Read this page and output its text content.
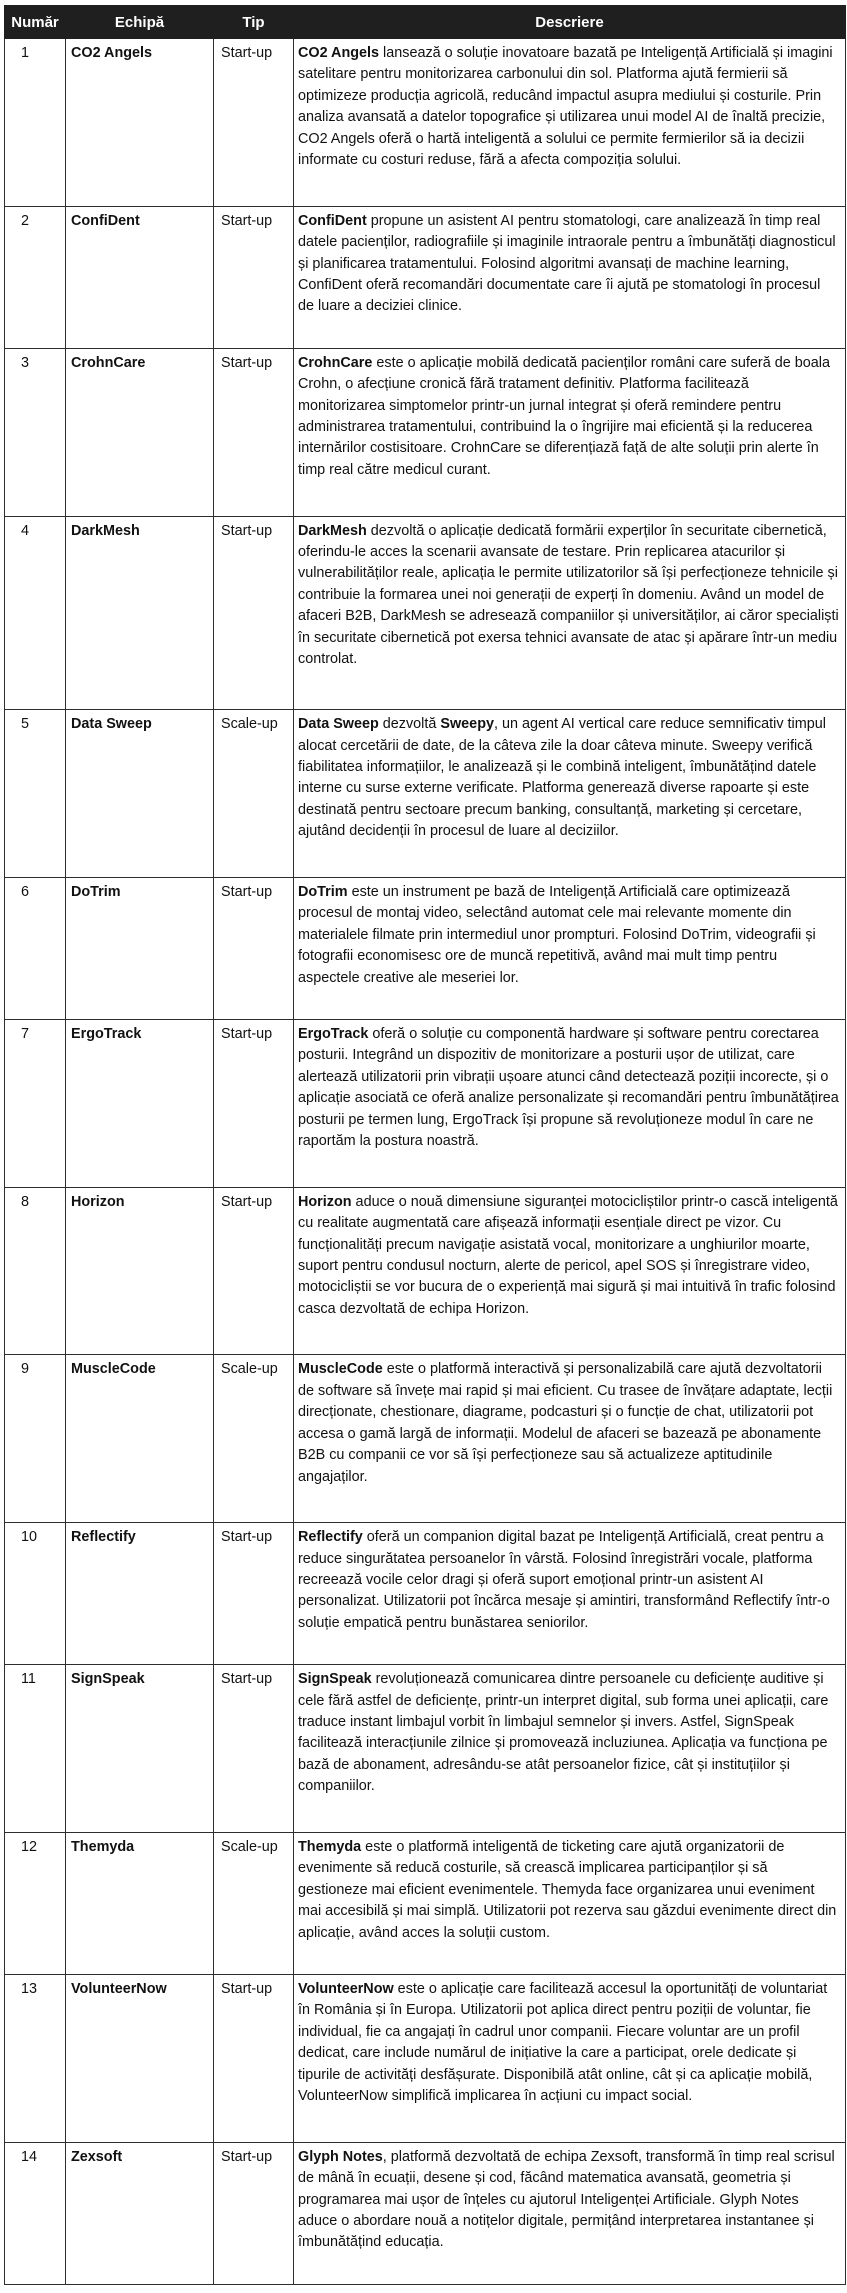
Număr	Echipă	Tip	Descriere
1	CO2 Angels	Start-up	CO2 Angels lansează o soluție inovatoare bazată pe Inteligență Artificială și imagini satelitare pentru monitorizarea carbonului din sol. Platforma ajută fermierii să optimizeze producția agricolă, reducând impactul asupra mediului și costurile. Prin analiza avansată a datelor topografice și utilizarea unui model AI de înaltă precizie, CO2 Angels oferă o hartă inteligentă a solului ce permite fermierilor să ia decizii informate cu costuri reduse, fără a afecta compoziția solului.
2	ConfiDent	Start-up	ConfiDent propune un asistent AI pentru stomatologi, care analizează în timp real datele pacienților, radiografiile și imaginile intraorale pentru a îmbunătăți diagnosticul și planificarea tratamentului. Folosind algoritmi avansați de machine learning, ConfiDent oferă recomandări documentate care îi ajută pe stomatologi în procesul de luare a deciziei clinice.
3	CrohnCare	Start-up	CrohnCare este o aplicație mobilă dedicată pacienților români care suferă de boala Crohn, o afecțiune cronică fără tratament definitiv. Platforma facilitează monitorizarea simptomelor printr-un jurnal integrat și oferă remindere pentru administrarea tratamentului, contribuind la o îngrijire mai eficientă și la reducerea internărilor costisitoare. CrohnCare se diferențiază față de alte soluții prin alerte în timp real către medicul curant.
4	DarkMesh	Start-up	DarkMesh dezvoltă o aplicație dedicată formării experților în securitate cibernetică, oferindu-le acces la scenarii avansate de testare. Prin replicarea atacurilor și vulnerabilităților reale, aplicația le permite utilizatorilor să își perfecționeze tehnicile și contribuie la formarea unei noi generații de experți în domeniu. Având un model de afaceri B2B, DarkMesh se adresează companiilor și universităților, ai căror specialiști în securitate cibernetică pot exersa tehnici avansate de atac și apărare într-un mediu controlat.
5	Data Sweep	Scale-up	Data Sweep dezvoltă Sweepy, un agent AI vertical care reduce semnificativ timpul alocat cercetării de date, de la câteva zile la doar câteva minute. Sweepy verifică fiabilitatea informațiilor, le analizează și le combină inteligent, îmbunătățind datele interne cu surse externe verificate. Platforma generează diverse rapoarte și este destinată pentru sectoare precum banking, consultanță, marketing și cercetare, ajutând decidenții în procesul de luare al deciziilor.
6	DoTrim	Start-up	DoTrim este un instrument pe bază de Inteligență Artificială care optimizează procesul de montaj video, selectând automat cele mai relevante momente din materialele filmate prin intermediul unor prompturi. Folosind DoTrim, videografii și fotografii economisesc ore de muncă repetitivă, având mai mult timp pentru aspectele creative ale meseriei lor.
7	ErgoTrack	Start-up	ErgoTrack oferă o soluție cu componentă hardware și software pentru corectarea posturii. Integrând un dispozitiv de monitorizare a posturii ușor de utilizat, care alertează utilizatorii prin vibrații ușoare atunci când detectează poziții incorecte, și o aplicație asociată ce oferă analize personalizate și recomandări pentru îmbunătățirea posturii pe termen lung, ErgoTrack își propune să revoluționeze modul în care ne raportăm la postura noastră.
8	Horizon	Start-up	Horizon aduce o nouă dimensiune siguranței motocicliștilor printr-o cască inteligentă cu realitate augmentată care afișează informații esențiale direct pe vizor. Cu funcționalități precum navigație asistată vocal, monitorizare a unghiurilor moarte, suport pentru condusul nocturn, alerte de pericol, apel SOS și înregistrare video, motocicliștii se vor bucura de o experiență mai sigură și mai intuitivă în trafic folosind casca dezvoltată de echipa Horizon.
9	MuscleCode	Scale-up	MuscleCode este o platformă interactivă și personalizabilă care ajută dezvoltatorii de software să învețe mai rapid și mai eficient. Cu trasee de învățare adaptate, lecții direcționate, chestionare, diagrame, podcasturi și o funcție de chat, utilizatorii pot accesa o gamă largă de informații. Modelul de afaceri se bazează pe abonamente B2B cu companii ce vor să își perfecționeze sau să actualizeze aptitudinile angajaților.
10	Reflectify	Start-up	Reflectify oferă un companion digital bazat pe Inteligență Artificială, creat pentru a reduce singurătatea persoanelor în vârstă. Folosind înregistrări vocale, platforma recreează vocile celor dragi și oferă suport emoțional printr-un asistent AI personalizat. Utilizatorii pot încărca mesaje și amintiri, transformând Reflectify într-o soluție empatică pentru bunăstarea seniorilor.
11	SignSpeak	Start-up	SignSpeak revoluționează comunicarea dintre persoanele cu deficiențe auditive și cele fără astfel de deficiențe, printr-un interpret digital, sub forma unei aplicații, care traduce instant limbajul vorbit în limbajul semnelor și invers. Astfel, SignSpeak facilitează interacțiunile zilnice și promovează incluziunea. Aplicația va funcționa pe bază de abonament, adresându-se atât persoanelor fizice, cât și instituțiilor și companiilor.
12	Themyda	Scale-up	Themyda este o platformă inteligentă de ticketing care ajută organizatorii de evenimente să reducă costurile, să crească implicarea participanților și să gestioneze mai eficient evenimentele. Themyda face organizarea unui eveniment mai accesibilă și mai simplă. Utilizatorii pot rezerva sau găzdui evenimente direct din aplicație, având acces la soluții custom.
13	VolunteerNow	Start-up	VolunteerNow este o aplicație care facilitează accesul la oportunități de voluntariat în România și în Europa. Utilizatorii pot aplica direct pentru poziții de voluntar, fie individual, fie ca angajați în cadrul unor companii. Fiecare voluntar are un profil dedicat, care include numărul de inițiative la care a participat, orele dedicate și tipurile de activități desfășurate. Disponibilă atât online, cât și ca aplicație mobilă, VolunteerNow simplifică implicarea în acțiuni cu impact social.
14	Zexsoft	Start-up	Glyph Notes, platformă dezvoltată de echipa Zexsoft, transformă în timp real scrisul de mână în ecuații, desene și cod, făcând matematica avansată, geometria și programarea mai ușor de înțeles cu ajutorul Inteligenței Artificiale. Glyph Notes aduce o abordare nouă a notițelor digitale, permițând interpretarea instantanee și îmbunătățind educația.
